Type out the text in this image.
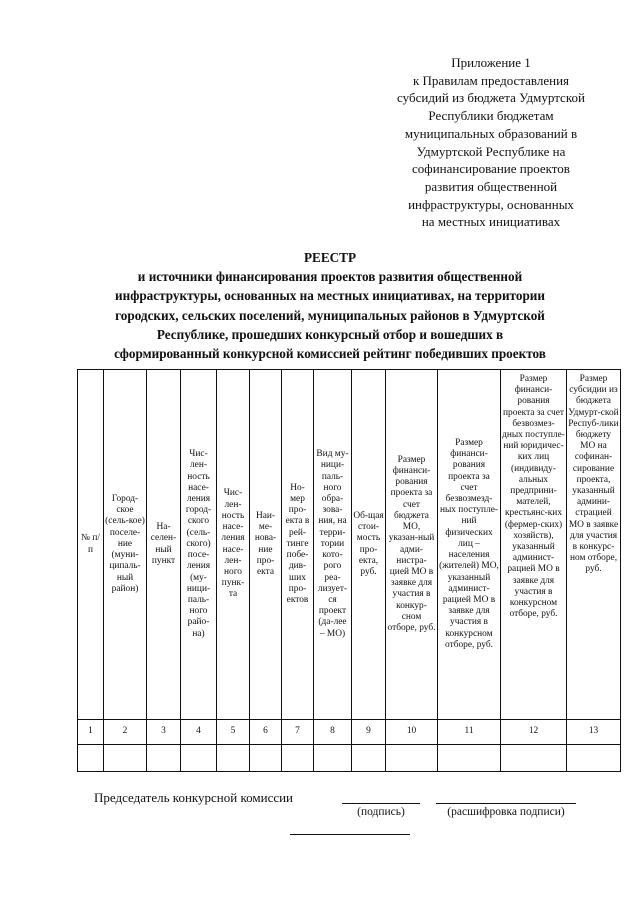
Приложение 1
к Правилам предоставления
субсидий из бюджета Удмуртской
Республики бюджетам
муниципальных образований в
Удмуртской Республике на
софинансирование проектов
развития общественной
инфраструктуры, основанных
на местных инициативах
РЕЕСТР
и источники финансирования проектов развития общественной
инфраструктуры, основанных на местных инициативах, на территории
городских, сельских поселений, муниципальных районов в Удмуртской
Республике, прошедших конкурсный отбор и вошедших в
сформированный конкурсной комиссией рейтинг победивших проектов
№ п/п	Город-ское (сель-кое) поселе-ние (муни-ципаль-ный район)	На-селен-ный пункт	Чис-лен-ность насе-ления город-ского (сель-ского) посе-ления (му-ници-паль-ного райо-на)	Чис-лен-ность насе-ления насе-лен-ного пунк-та	Наи-ме-нова-ние про-екта	Но-мер про-екта в рей-тинге побе-див-ших про-ектов	Вид му-ници-паль-ного обра-зова-ния, на терри-тории кото-рого реа-лизует-ся проект (да-лее – МО)	Об-щая стои-мость про-екта, руб.	Размер финанси-рования проекта за счет бюджета МО, указан-ный адми-нистра-цией МО в заявке для участия в конкур-сном отборе, руб.	Размер финанси-рования проекта за счет безвозмезд-ных поступле-ний физических лиц – населения (жителей) МО, указанный админист-рацией МО в заявке для участия в конкурсном отборе, руб.	Размер финанси-рования проекта за счет безвозмез-дных поступле-ний юридичес-ких лиц (индивиду-альных предприни-мателей, крестьянс-ких (фермер-ских) хозяйств), указанный админист-рацией МО в заявке для участия в конкурсном отборе, руб.	Размер субсидии из бюджета Удмурт-ской Респуб-лики бюджету МО на софинан-сирование проекта, указанный админи-страцией МО в заявке для участия в конкурс-ном отборе, руб.
1	2	3	4	5	6	7	8	9	10	11	12	13

Председатель конкурсной комиссии
(подпись)	(расшифровка подписи)
